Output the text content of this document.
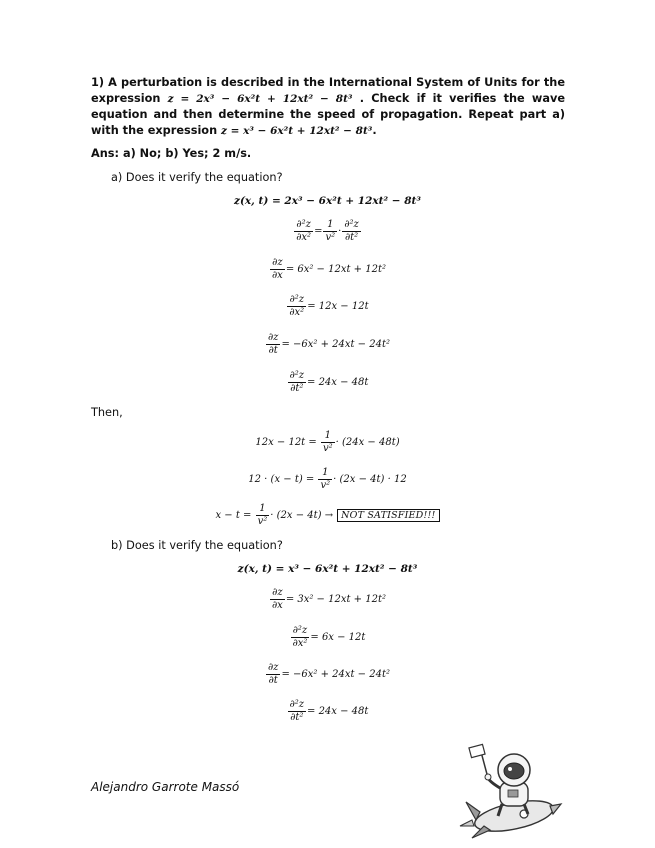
1) A perturbation is described in the International System of Units for the expression z = 2x³ − 6x²t + 12xt² − 8t³ . Check if it verifies the wave equation and then determine the speed of propagation. Repeat part a) with the expression z = x³ − 6x²t + 12xt² − 8t³.
Ans: a) No; b) Yes; 2 m/s.
a) Does it verify the equation?
z(x, t) = 2x³ − 6x²t + 12xt² − 8t³
$\frac{\text{∂²z}}{\text{∂x²}} = \frac{1}{\text{v²}} \cdot \frac{\text{∂²z}}{\text{∂t²}}$
$\frac{\partial z}{\partial x} = 6x^2 - 12xt + 12t^2$
$\frac{\text{∂²z}}{\text{∂x²}} = 12x - 12t$
$\frac{\partial z}{\partial t} = -6x^2 + 24xt - 24t^2$
$\frac{\text{∂²z}}{\text{∂t²}} = 24x - 48t$
Then,
$12x - 12t = \frac{1}{\text{v²}} \cdot (24x - 48t)$
$12 \cdot (x - t) = \frac{1}{\text{v²}} \cdot (2x - 4t) \cdot 12$
$x - t = \frac{1}{\text{v²}} \cdot (2x - 4t)$ → NOT SATISFIED!!!
b) Does it verify the equation?
z(x, t) = x³ − 6x²t + 12xt² − 8t³
$\frac{\partial z}{\partial x} = 3x^2 - 12xt + 12t^2$
$\frac{\text{∂²z}}{\text{∂x²}} = 6x - 12t$
$\frac{\partial z}{\partial t} = -6x^2 + 24xt - 24t^2$
$\frac{\text{∂²z}}{\text{∂t²}} = 24x - 48t$
Alejandro Garrote Massó
